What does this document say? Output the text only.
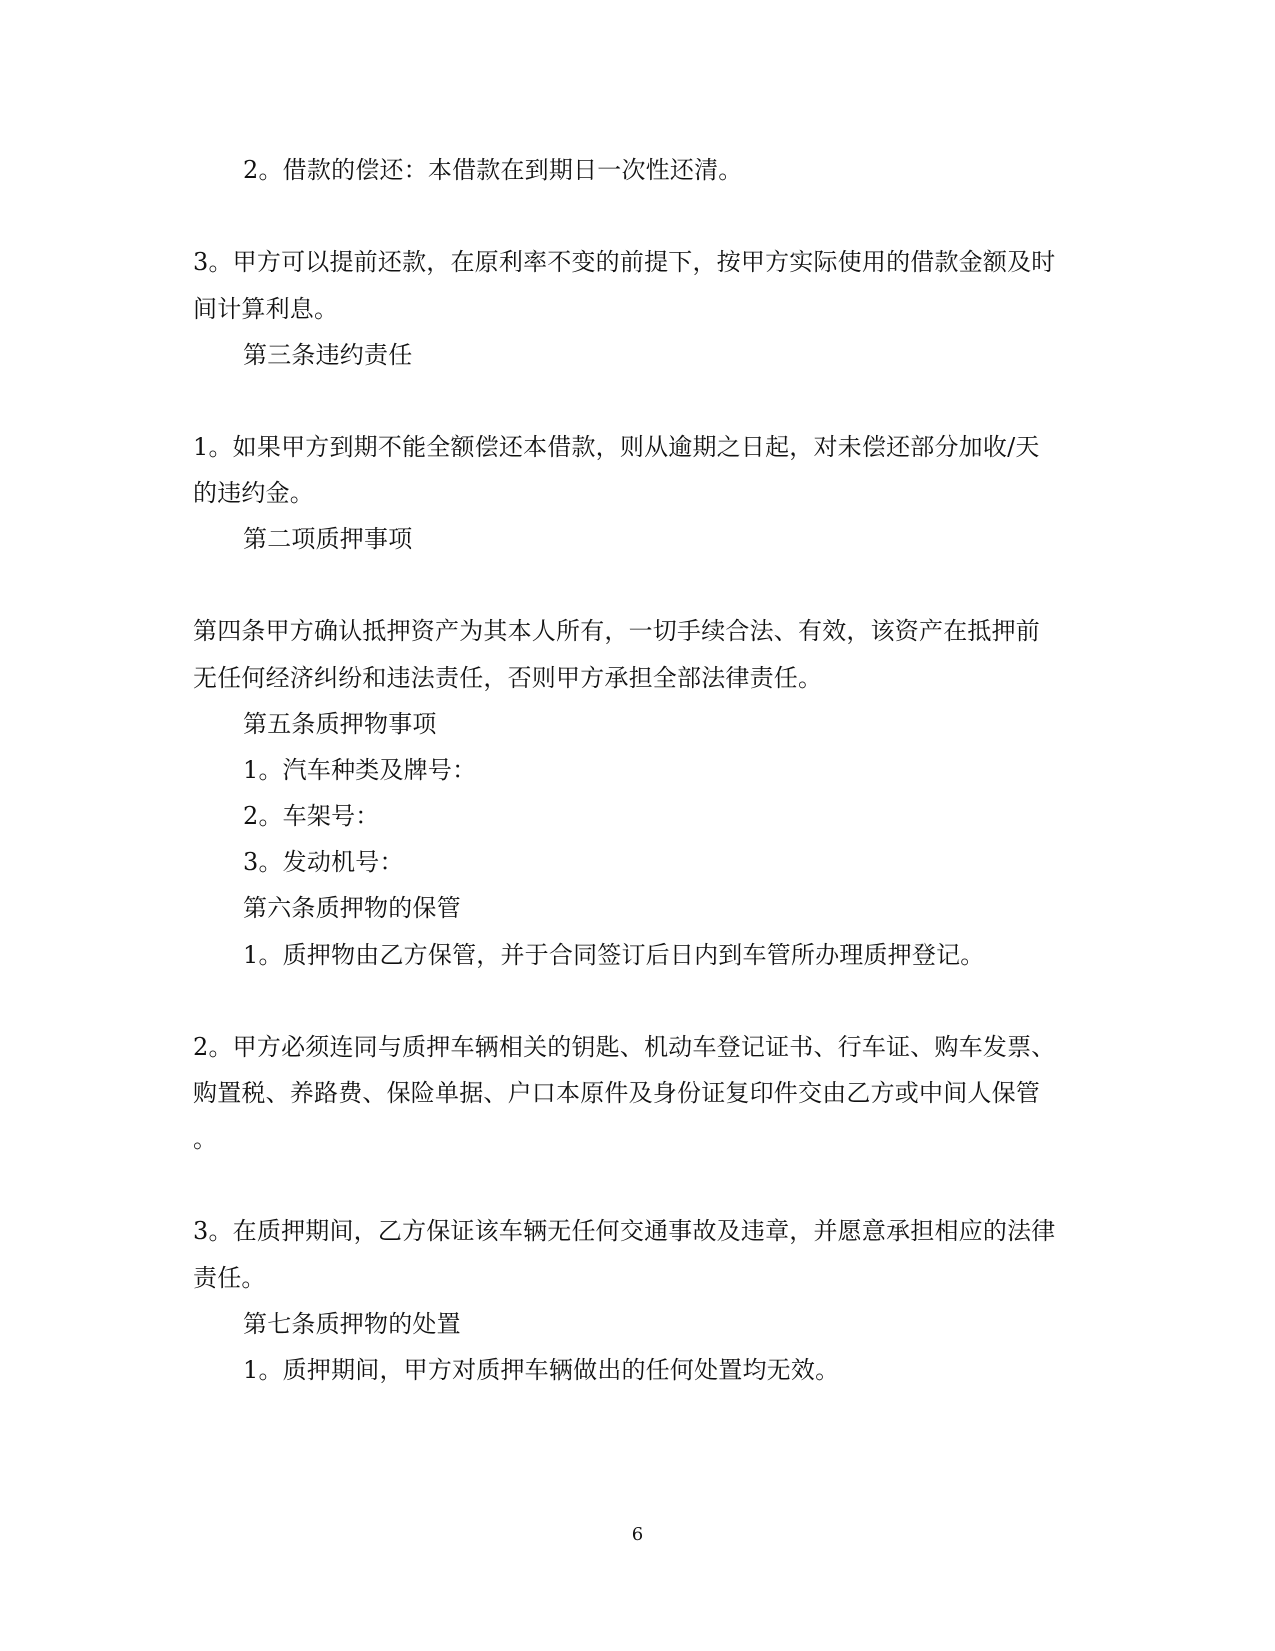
2。借款的偿还：本借款在到期日一次性还清。
3。甲方可以提前还款，在原利率不变的前提下，按甲方实际使用的借款金额及时
间计算利息。
第三条违约责任
1。如果甲方到期不能全额偿还本借款，则从逾期之日起，对未偿还部分加收/天
的违约金。
第二项质押事项
第四条甲方确认抵押资产为其本人所有，一切手续合法、有效，该资产在抵押前
无任何经济纠纷和违法责任，否则甲方承担全部法律责任。
第五条质押物事项
1。汽车种类及牌号：
2。车架号：
3。发动机号：
第六条质押物的保管
1。质押物由乙方保管，并于合同签订后日内到车管所办理质押登记。
2。甲方必须连同与质押车辆相关的钥匙、机动车登记证书、行车证、购车发票、
购置税、养路费、保险单据、户口本原件及身份证复印件交由乙方或中间人保管
。
3。在质押期间，乙方保证该车辆无任何交通事故及违章，并愿意承担相应的法律
责任。
第七条质押物的处置
1。质押期间，甲方对质押车辆做出的任何处置均无效。
6
